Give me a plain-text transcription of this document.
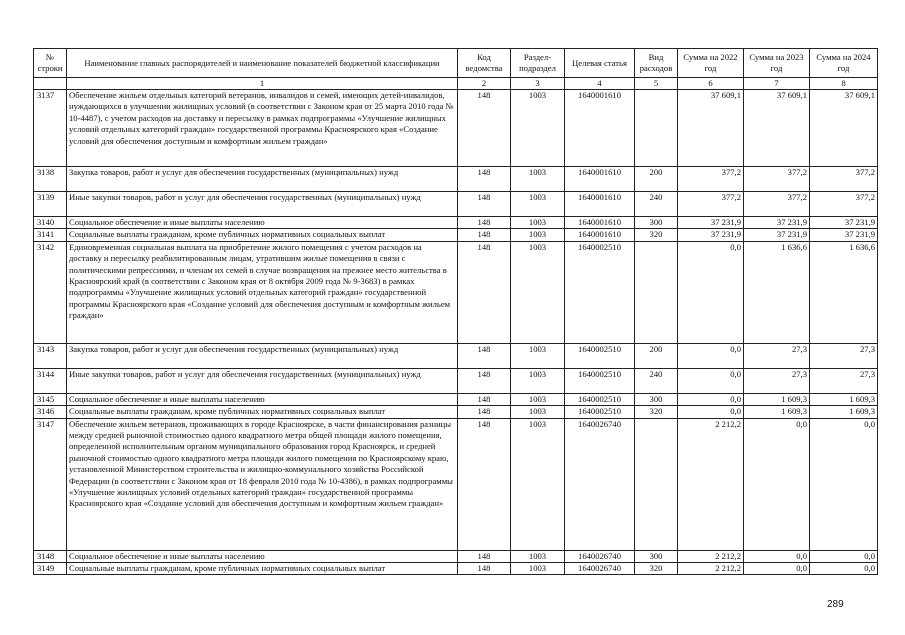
№ строки	Наименование главных распорядителей и наименование показателей бюджетной классификации	Код ведомства	Раздел-подраздел	Целевая статья	Вид расходов	Сумма на 2022 год	Сумма на 2023 год	Сумма на 2024 год
	1	2	3	4	5	6	7	8
3137	Обеспечение жильем отдельных категорий ветеранов, инвалидов и семей, имеющих детей-инвалидов, нуждающихся в улучшении жилищных условий (в соответствии с Законом края от 25 марта 2010 года № 10-4487), с учетом расходов на доставку и пересылку в рамках подпрограммы «Улучшение жилищных условий отдельных категорий граждан» государственной программы Красноярского края «Создание условий для обеспечения доступным и комфортным жильем граждан»	148	1003	1640001610		37 609,1	37 609,1	37 609,1
3138	Закупка товаров, работ и услуг для обеспечения государственных (муниципальных) нужд	148	1003	1640001610	200	377,2	377,2	377,2
3139	Иные закупки товаров, работ и услуг для обеспечения государственных (муниципальных) нужд	148	1003	1640001610	240	377,2	377,2	377,2
3140	Социальное обеспечение и иные выплаты населению	148	1003	1640001610	300	37 231,9	37 231,9	37 231,9
3141	Социальные выплаты гражданам, кроме публичных нормативных социальных выплат	148	1003	1640001610	320	37 231,9	37 231,9	37 231,9
3142	Единовременная социальная выплата на приобретение жилого помещения с учетом расходов на доставку и пересылку реабилитированным лицам, утратившим жилые помещения в связи с политическими репрессиями, и членам их семей в случае возвращения на прежнее место жительства в Красноярский край (в соответствии с Законом края от 8 октября 2009 года № 9-3683) в рамках подпрограммы «Улучшение жилищных условий отдельных категорий граждан» государственной программы Красноярского края «Создание условий для обеспечения доступным и комфортным жильем граждан»	148	1003	1640002510		0,0	1 636,6	1 636,6
3143	Закупка товаров, работ и услуг для обеспечения государственных (муниципальных) нужд	148	1003	1640002510	200	0,0	27,3	27,3
3144	Иные закупки товаров, работ и услуг для обеспечения государственных (муниципальных) нужд	148	1003	1640002510	240	0,0	27,3	27,3
3145	Социальное обеспечение и иные выплаты населению	148	1003	1640002510	300	0,0	1 609,3	1 609,3
3146	Социальные выплаты гражданам, кроме публичных нормативных социальных выплат	148	1003	1640002510	320	0,0	1 609,3	1 609,3
3147	Обеспечение жильем ветеранов, проживающих в городе Красноярске, в части финансирования разницы между средней рыночной стоимостью одного квадратного метра общей площади жилого помещения, определенной исполнительным органом муниципального образования город Красноярск, и средней рыночной стоимостью одного квадратного метра площади жилого помещения по Красноярскому краю, установленной Министерством строительства и жилищно-коммунального хозяйства Российской Федерации (в соответствии с Законом края от 18 февраля 2010 года № 10-4386), в рамках подпрограммы «Улучшение жилищных условий отдельных категорий граждан» государственной программы Красноярского края «Создание условий для обеспечения доступным и комфортным жильем граждан»	148	1003	1640026740		2 212,2	0,0	0,0
3148	Социальное обеспечение и иные выплаты населению	148	1003	1640026740	300	2 212,2	0,0	0,0
3149	Социальные выплаты гражданам, кроме публичных нормативных социальных выплат	148	1003	1640026740	320	2 212,2	0,0	0,0
289
